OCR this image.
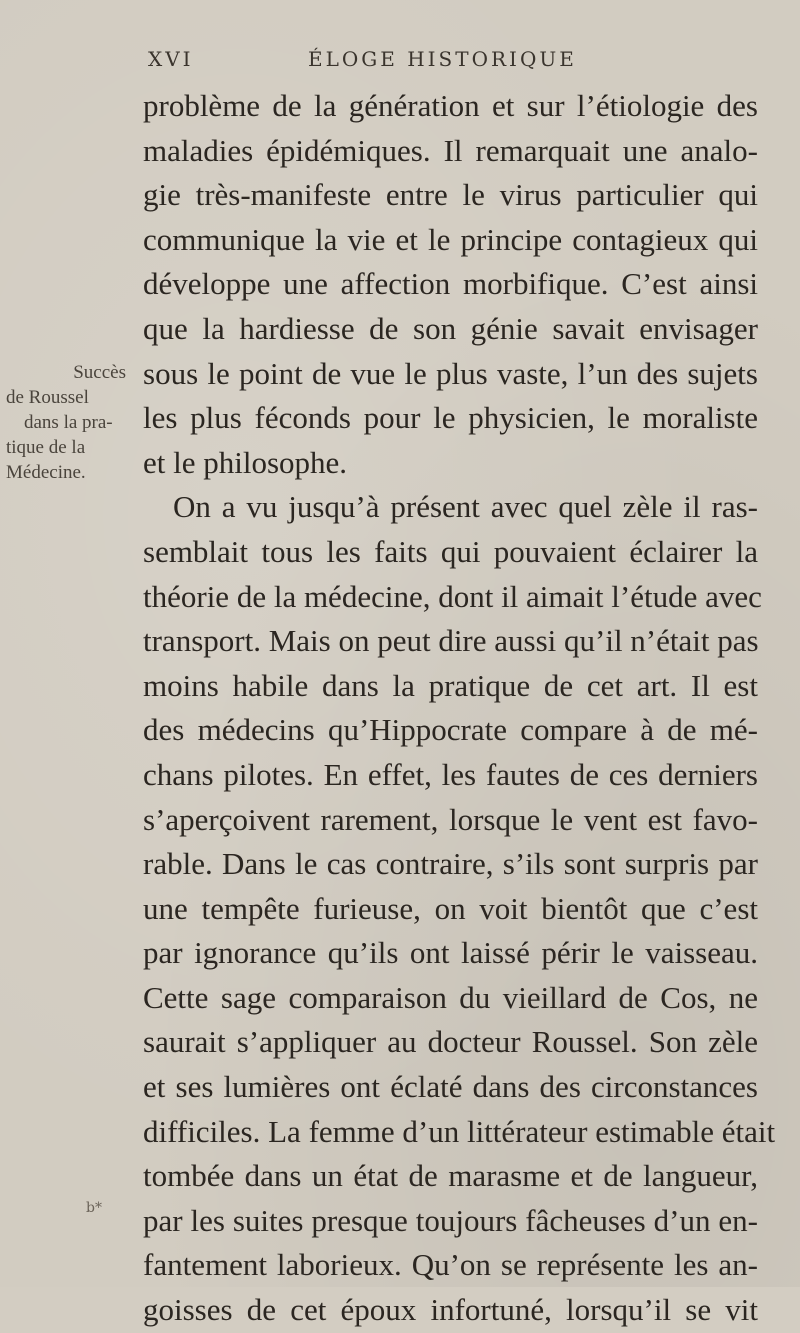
XVI	ÉLOGE HISTORIQUE
Succès
de Roussel
dans la pra-
tique de la
Médecine.
problème de la génération et sur l’étiologie des
maladies épidémiques. Il remarquait une analo-
gie très-manifeste entre le virus particulier qui
communique la vie et le principe contagieux qui
développe une affection morbifique. C’est ainsi
que la hardiesse de son génie savait envisager
sous le point de vue le plus vaste, l’un des sujets
les plus féconds pour le physicien, le moraliste
et le philosophe.
On a vu jusqu’à présent avec quel zèle il ras-
semblait tous les faits qui pouvaient éclairer la
théorie de la médecine, dont il aimait l’étude avec
transport. Mais on peut dire aussi qu’il n’était pas
moins habile dans la pratique de cet art. Il est
des médecins qu’Hippocrate compare à de mé-
chans pilotes. En effet, les fautes de ces derniers
s’aperçoivent rarement, lorsque le vent est favo-
rable. Dans le cas contraire, s’ils sont surpris par
une tempête furieuse, on voit bientôt que c’est
par ignorance qu’ils ont laissé périr le vaisseau.
Cette sage comparaison du vieillard de Cos, ne
saurait s’appliquer au docteur Roussel. Son zèle
et ses lumières ont éclaté dans des circonstances
difficiles. La femme d’un littérateur estimable était
tombée dans un état de marasme et de langueur,
par les suites presque toujours fâcheuses d’un en-
fantement laborieux. Qu’on se représente les an-
goisses de cet époux infortuné, lorsqu’il se vit
b*
